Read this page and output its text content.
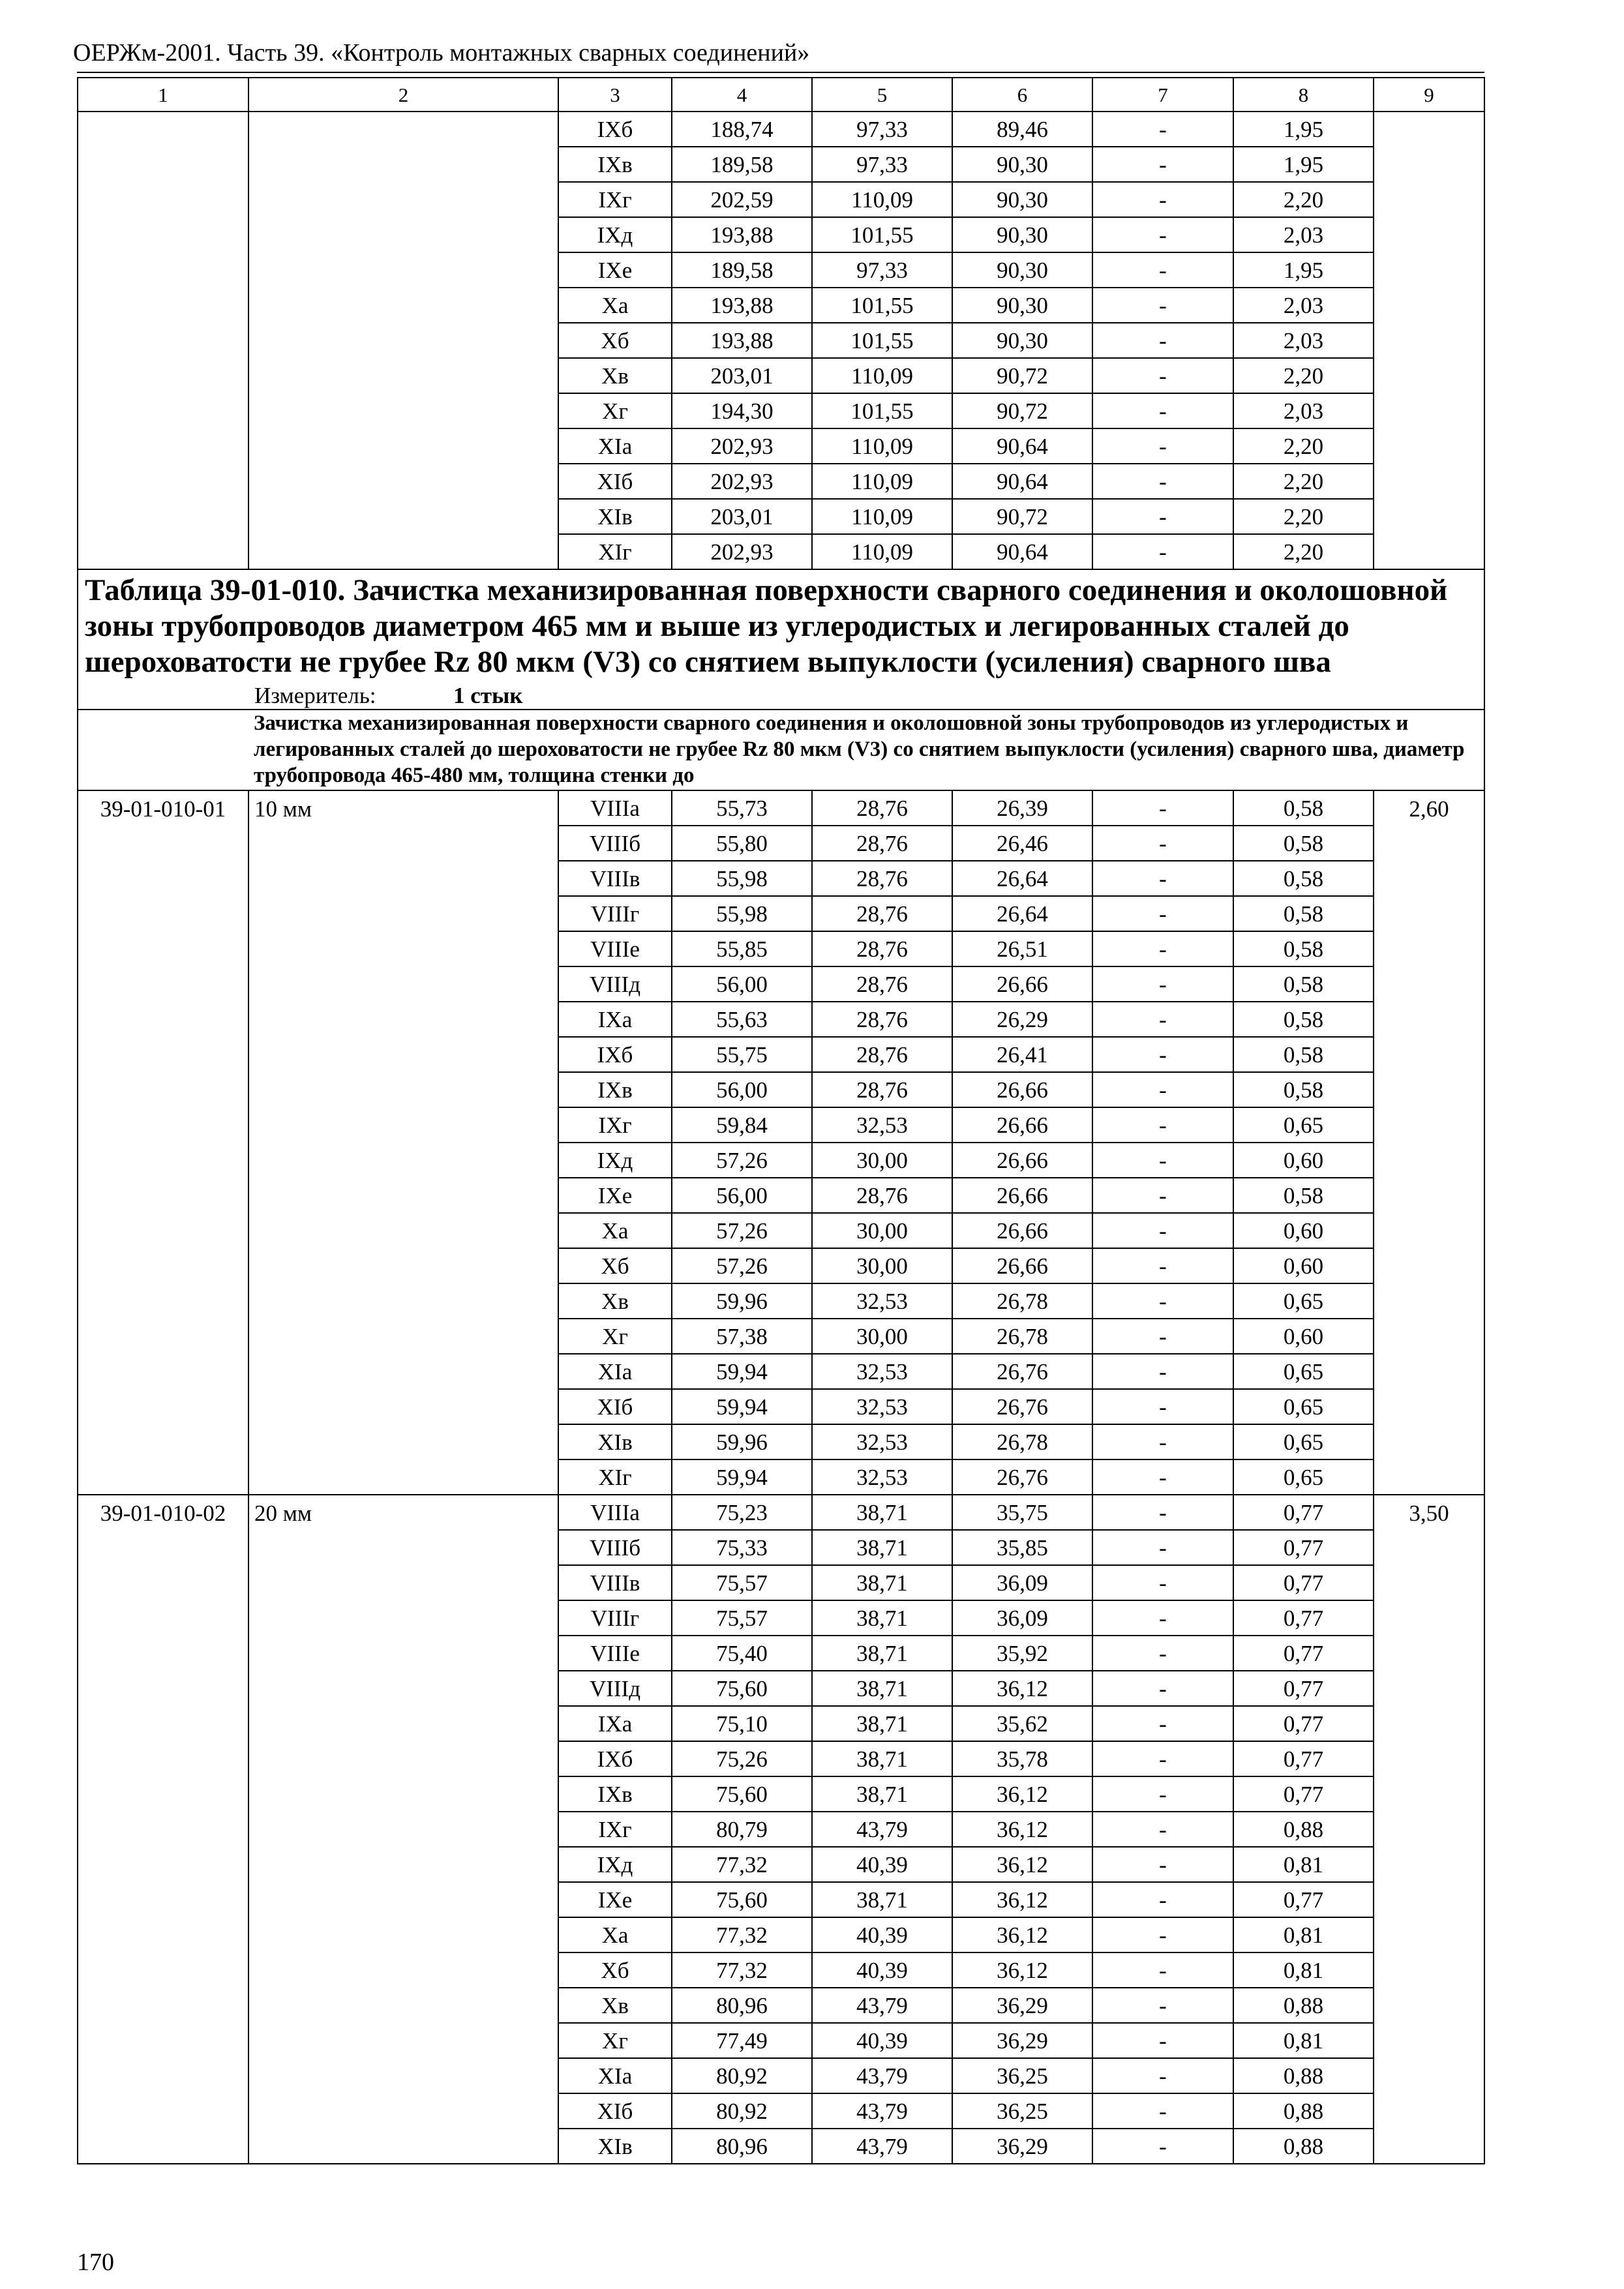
ОЕРЖм-2001. Часть 39. «Контроль монтажных сварных соединений»
1	2	3	4	5	6	7	8	9
		IXб	188,74	97,33	89,46	-	1,95	
		IXв	189,58	97,33	90,30	-	1,95	
		IXг	202,59	110,09	90,30	-	2,20	
		IXд	193,88	101,55	90,30	-	2,03	
		IXе	189,58	97,33	90,30	-	1,95	
		Xа	193,88	101,55	90,30	-	2,03	
		Xб	193,88	101,55	90,30	-	2,03	
		Xв	203,01	110,09	90,72	-	2,20	
		Xг	194,30	101,55	90,72	-	2,03	
		XIа	202,93	110,09	90,64	-	2,20	
		XIб	202,93	110,09	90,64	-	2,20	
		XIв	203,01	110,09	90,72	-	2,20	
		XIг	202,93	110,09	90,64	-	2,20	
Таблица 39-01-010. Зачистка механизированная поверхности сварного соединения и околошовной зоны трубопроводов диаметром 465 мм и выше из углеродистых и легированных сталей до шероховатости не грубее Rz 80 мкм (V3) со снятием выпуклости (усиления) сварного шва
Измеритель: 1 стык								

	Зачистка механизированная поверхности сварного соединения и околошовной зоны трубопроводов из углеродистых и легированных сталей до шероховатости не грубее Rz 80 мкм (V3) со снятием выпуклости (усиления) сварного шва, диаметр трубопровода 465-480 мм, толщина стенки до							
39-01-010-01	10 мм	VIIIа	55,73	28,76	26,39	-	0,58	2,60
		VIIIб	55,80	28,76	26,46	-	0,58	
		VIIIв	55,98	28,76	26,64	-	0,58	
		VIIIг	55,98	28,76	26,64	-	0,58	
		VIIIе	55,85	28,76	26,51	-	0,58	
		VIIIд	56,00	28,76	26,66	-	0,58	
		IXа	55,63	28,76	26,29	-	0,58	
		IXб	55,75	28,76	26,41	-	0,58	
		IXв	56,00	28,76	26,66	-	0,58	
		IXг	59,84	32,53	26,66	-	0,65	
		IXд	57,26	30,00	26,66	-	0,60	
		IXе	56,00	28,76	26,66	-	0,58	
		Xа	57,26	30,00	26,66	-	0,60	
		Xб	57,26	30,00	26,66	-	0,60	
		Xв	59,96	32,53	26,78	-	0,65	
		Xг	57,38	30,00	26,78	-	0,60	
		XIа	59,94	32,53	26,76	-	0,65	
		XIб	59,94	32,53	26,76	-	0,65	
		XIв	59,96	32,53	26,78	-	0,65	
		XIг	59,94	32,53	26,76	-	0,65	
39-01-010-02	20 мм	VIIIа	75,23	38,71	35,75	-	0,77	3,50
		VIIIб	75,33	38,71	35,85	-	0,77	
		VIIIв	75,57	38,71	36,09	-	0,77	
		VIIIг	75,57	38,71	36,09	-	0,77	
		VIIIе	75,40	38,71	35,92	-	0,77	
		VIIIд	75,60	38,71	36,12	-	0,77	
		IXа	75,10	38,71	35,62	-	0,77	
		IXб	75,26	38,71	35,78	-	0,77	
		IXв	75,60	38,71	36,12	-	0,77	
		IXг	80,79	43,79	36,12	-	0,88	
		IXд	77,32	40,39	36,12	-	0,81	
		IXе	75,60	38,71	36,12	-	0,77	
		Xа	77,32	40,39	36,12	-	0,81	
		Xб	77,32	40,39	36,12	-	0,81	
		Xв	80,96	43,79	36,29	-	0,88	
		Xг	77,49	40,39	36,29	-	0,81	
		XIа	80,92	43,79	36,25	-	0,88	
		XIб	80,92	43,79	36,25	-	0,88	
		XIв	80,96	43,79	36,29	-	0,88	
170
